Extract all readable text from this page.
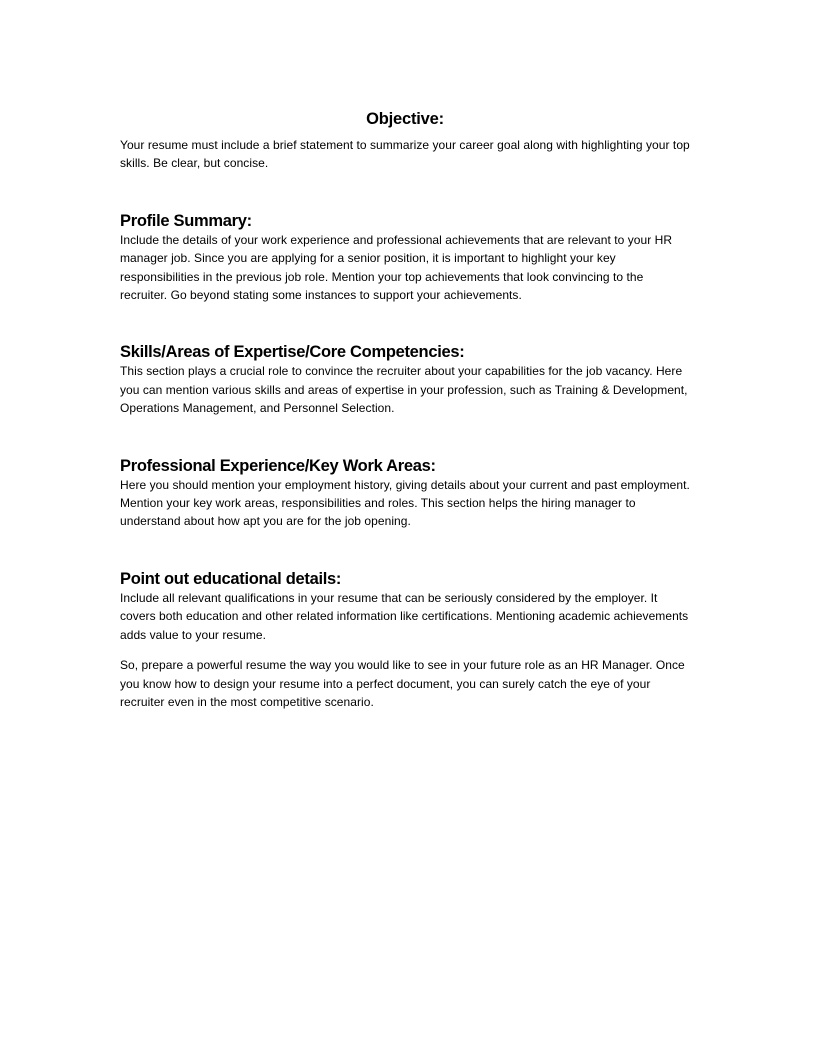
Objective:

Your resume must include a brief statement to summarize your career goal along with highlighting your top skills. Be clear, but concise.

Profile Summary:

Include the details of your work experience and professional achievements that are relevant to your HR manager job. Since you are applying for a senior position, it is important to highlight your key responsibilities in the previous job role. Mention your top achievements that look convincing to the recruiter. Go beyond stating some instances to support your achievements.

Skills/Areas of Expertise/Core Competencies:

This section plays a crucial role to convince the recruiter about your capabilities for the job vacancy. Here you can mention various skills and areas of expertise in your profession, such as Training & Development, Operations Management, and Personnel Selection.

Professional Experience/Key Work Areas:

Here you should mention your employment history, giving details about your current and past employment. Mention your key work areas, responsibilities and roles. This section helps the hiring manager to understand about how apt you are for the job opening.

Point out educational details:

Include all relevant qualifications in your resume that can be seriously considered by the employer. It covers both education and other related information like certifications. Mentioning academic achievements adds value to your resume.

So, prepare a powerful resume the way you would like to see in your future role as an HR Manager. Once you know how to design your resume into a perfect document, you can surely catch the eye of your recruiter even in the most competitive scenario.
